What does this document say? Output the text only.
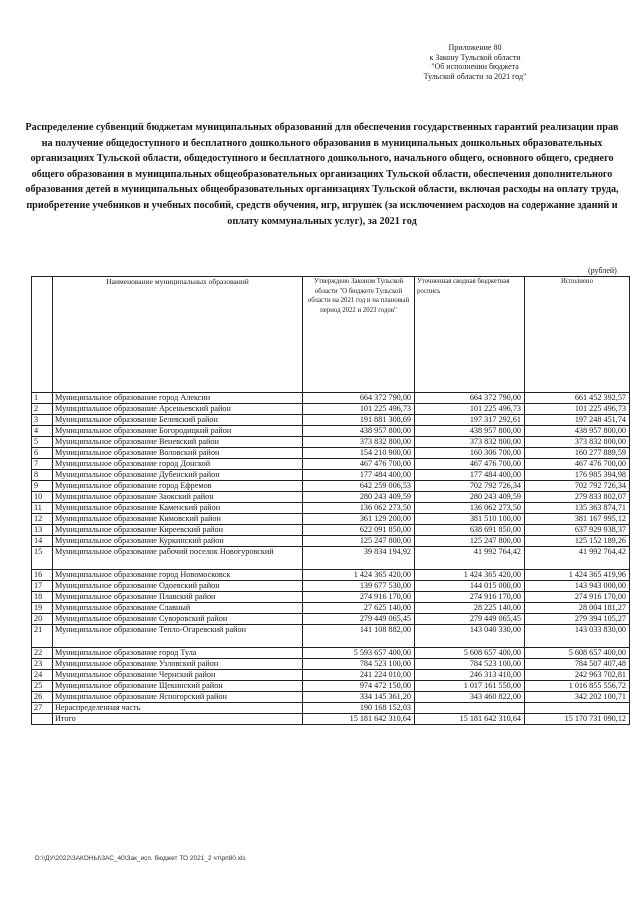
Приложение 80
к Закону Тульской области
"Об исполнении бюджета
Тульской области за 2021 год"
Распределение субвенций бюджетам муниципальных образований для обеспечения государственных гарантий реализации прав на получение общедоступного и бесплатного дошкольного образования в муниципальных дошкольных образовательных организациях Тульской области, общедоступного и бесплатного дошкольного, начального общего, основного общего, среднего общего образования в муниципальных общеобразовательных организациях Тульской области, обеспечения дополнительного образования детей в муниципальных общеобразовательных организациях Тульской области, включая расходы на оплату труда, приобретение учебников и учебных пособий, средств обучения, игр, игрушек (за исключением расходов на содержание зданий и оплату коммунальных услуг), за 2021 год
(рублей)
	Наименование муниципальных образований	Утверждено Законом Тульской области "О бюджете Тульской области на 2021 год и на плановый период 2022 и 2023 годов"	Уточненная сводная бюджетная роспись	Исполнено
1	Муниципальное образование город Алексин	664 372 790,00	664 372 790,00	661 452 392,57
2	Муниципальное образование Арсеньевский район	101 225 496,73	101 225 496,73	101 225 496,73
3	Муниципальное образование Белевский район	191 881 308,69	197 317 292,61	197 248 451,74
4	Муниципальное образование Богородицкий район	438 957 800,00	438 957 800,00	438 957 800,00
5	Муниципальное образование Веневский район	373 832 800,00	373 832 800,00	373 832 800,00
6	Муниципальное образование Воловский район	154 210 900,00	160 306 700,00	160 277 889,59
7	Муниципальное образование город Донской	467 476 700,00	467 476 700,00	467 476 700,00
8	Муниципальное образование Дубенский район	177 484 400,00	177 484 400,00	176 985 394,98
9	Муниципальное образование город Ефремов	642 259 006,53	702 792 726,34	702 792 726,34
10	Муниципальное образование Заокский район	280 243 409,59	280 243 409,59	279 833 802,07
11	Муниципальное образование Каменский район	136 062 273,50	136 062 273,50	135 363 874,71
12	Муниципальное образование Кимовский район	361 129 200,00	381 510 100,00	381 167 995,12
13	Муниципальное образование Киреевский район	622 091 850,00	638 691 850,00	637 929 938,37
14	Муниципальное образование Куркинский район	125 247 800,00	125 247 800,00	125 152 189,26
15	Муниципальное образование рабочий поселок Новогуровский	39 834 194,92	41 992 764,42	41 992 764,42
16	Муниципальное образование город Новомосковск	1 424 365 420,00	1 424 365 420,00	1 424 365 419,96
17	Муниципальное образование Одоевский район	139 677 530,00	144 015 000,00	143 943 000,00
18	Муниципальное образование Плавский район	274 916 170,00	274 916 170,00	274 916 170,00
19	Муниципальное образование Славный	27 625 140,00	28 225 140,00	28 004 181,27
20	Муниципальное образование Суворовский район	279 449 065,45	279 449 065,45	279 394 105,27
21	Муниципальное образование Тепло-Огаревский район	141 108 882,00	143 040 330,00	143 033 830,00
22	Муниципальное образование город Тула	5 593 657 400,00	5 608 657 400,00	5 608 657 400,00
23	Муниципальное образование Узловский район	784 523 100,00	784 523 100,00	784 507 407,48
24	Муниципальное образование Чернский район	241 224 010,00	246 313 410,00	242 963 702,81
25	Муниципальное образование Щекинский район	974 472 150,00	1 017 161 550,00	1 016 855 556,72
26	Муниципальное образование Ясногорский район	334 145 361,20	343 460 822,00	342 202 100,71
27	Нераспределенная часть	190 168 152,03		
	Итого	15 181 642 310,64	15 181 642 310,64	15 170 731 090,12
D:\!ДУ\2022\ЗАКОНЫ\ЗАС_40\Зак_исп. бюджет ТО 2021_2 чт\рп80.xls
